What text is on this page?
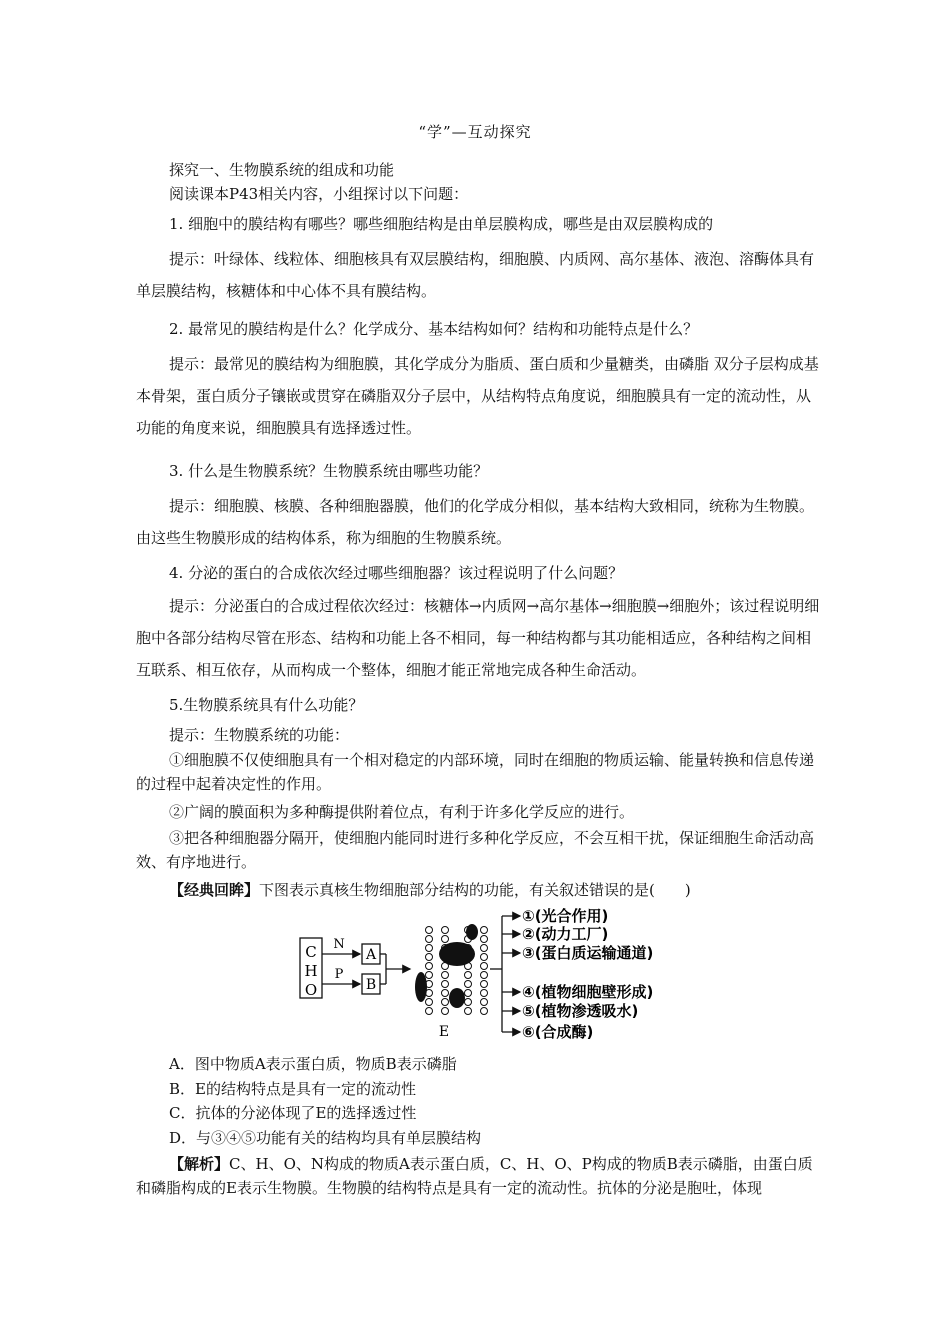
“学”—互动探究
探究一、生物膜系统的组成和功能
阅读课本P43相关内容，小组探讨以下问题：
1. 细胞中的膜结构有哪些？哪些细胞结构是由单层膜构成，哪些是由双层膜构成的
提示：叶绿体、线粒体、细胞核具有双层膜结构，细胞膜、内质网、高尔基体、液泡、溶酶体具有单层膜结构，核糖体和中心体不具有膜结构。
2. 最常见的膜结构是什么？化学成分、基本结构如何？结构和功能特点是什么？
提示：最常见的膜结构为细胞膜，其化学成分为脂质、蛋白质和少量糖类，由磷脂 双分子层构成基本骨架，蛋白质分子镶嵌或贯穿在磷脂双分子层中，从结构特点角度说，细胞膜具有一定的流动性，从功能的角度来说，细胞膜具有选择透过性。
3. 什么是生物膜系统？生物膜系统由哪些功能？
提示：细胞膜、核膜、各种细胞器膜，他们的化学成分相似，基本结构大致相同，统称为生物膜。由这些生物膜形成的结构体系，称为细胞的生物膜系统。
4. 分泌的蛋白的合成依次经过哪些细胞器？该过程说明了什么问题？
提示：分泌蛋白的合成过程依次经过：核糖体→内质网→高尔基体→细胞膜→细胞外；该过程说明细胞中各部分结构尽管在形态、结构和功能上各不相同，每一种结构都与其功能相适应，各种结构之间相互联系、相互依存，从而构成一个整体，细胞才能正常地完成各种生命活动。
5.生物膜系统具有什么功能？
提示：生物膜系统的功能：
①细胞膜不仅使细胞具有一个相对稳定的内部环境，同时在细胞的物质运输、能量转换和信息传递的过程中起着决定性的作用。
②广阔的膜面积为多种酶提供附着位点，有利于许多化学反应的进行。
③把各种细胞器分隔开，使细胞内能同时进行多种化学反应，不会互相干扰，保证细胞生命活动高效、有序地进行。
【经典回眸】下图表示真核生物细胞部分结构的功能，有关叙述错误的是(　　)
C
H
O
N
P
A
B
E
①(光合作用)
②(动力工厂)
③(蛋白质运输通道)
④(植物细胞壁形成)
⑤(植物渗透吸水)
⑥(合成酶)
A．图中物质A表示蛋白质，物质B表示磷脂
B．E的结构特点是具有一定的流动性
C．抗体的分泌体现了E的选择透过性
D．与③④⑤功能有关的结构均具有单层膜结构
【解析】C、H、O、N构成的物质A表示蛋白质，C、H、O、P构成的物质B表示磷脂，由蛋白质和磷脂构成的E表示生物膜。生物膜的结构特点是具有一定的流动性。抗体的分泌是胞吐，体现
